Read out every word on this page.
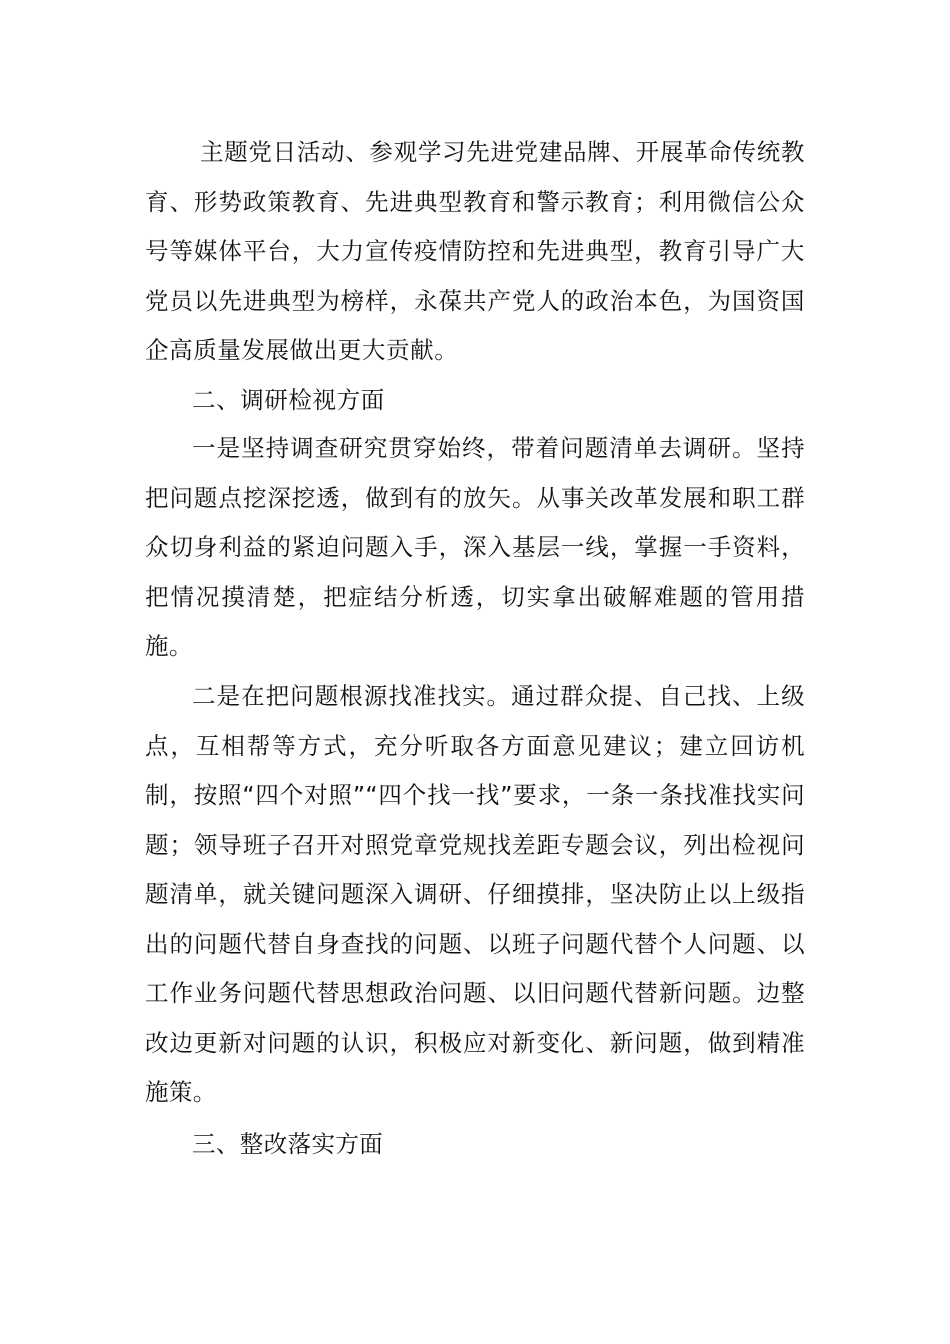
主题党日活动、参观学习先进党建品牌、开展革命传统教育、形势政策教育、先进典型教育和警示教育；利用微信公众号等媒体平台，大力宣传疫情防控和先进典型，教育引导广大党员以先进典型为榜样，永葆共产党人的政治本色，为国资国企高质量发展做出更大贡献。

二、调研检视方面

一是坚持调查研究贯穿始终，带着问题清单去调研。坚持把问题点挖深挖透，做到有的放矢。从事关改革发展和职工群众切身利益的紧迫问题入手，深入基层一线，掌握一手资料，把情况摸清楚，把症结分析透，切实拿出破解难题的管用措施。

二是在把问题根源找准找实。通过群众提、自己找、上级点，互相帮等方式，充分听取各方面意见建议；建立回访机制，按照“四个对照”“四个找一找”要求，一条一条找准找实问题；领导班子召开对照党章党规找差距专题会议，列出检视问题清单，就关键问题深入调研、仔细摸排，坚决防止以上级指出的问题代替自身查找的问题、以班子问题代替个人问题、以工作业务问题代替思想政治问题、以旧问题代替新问题。边整改边更新对问题的认识，积极应对新变化、新问题，做到精准施策。

三、整改落实方面
